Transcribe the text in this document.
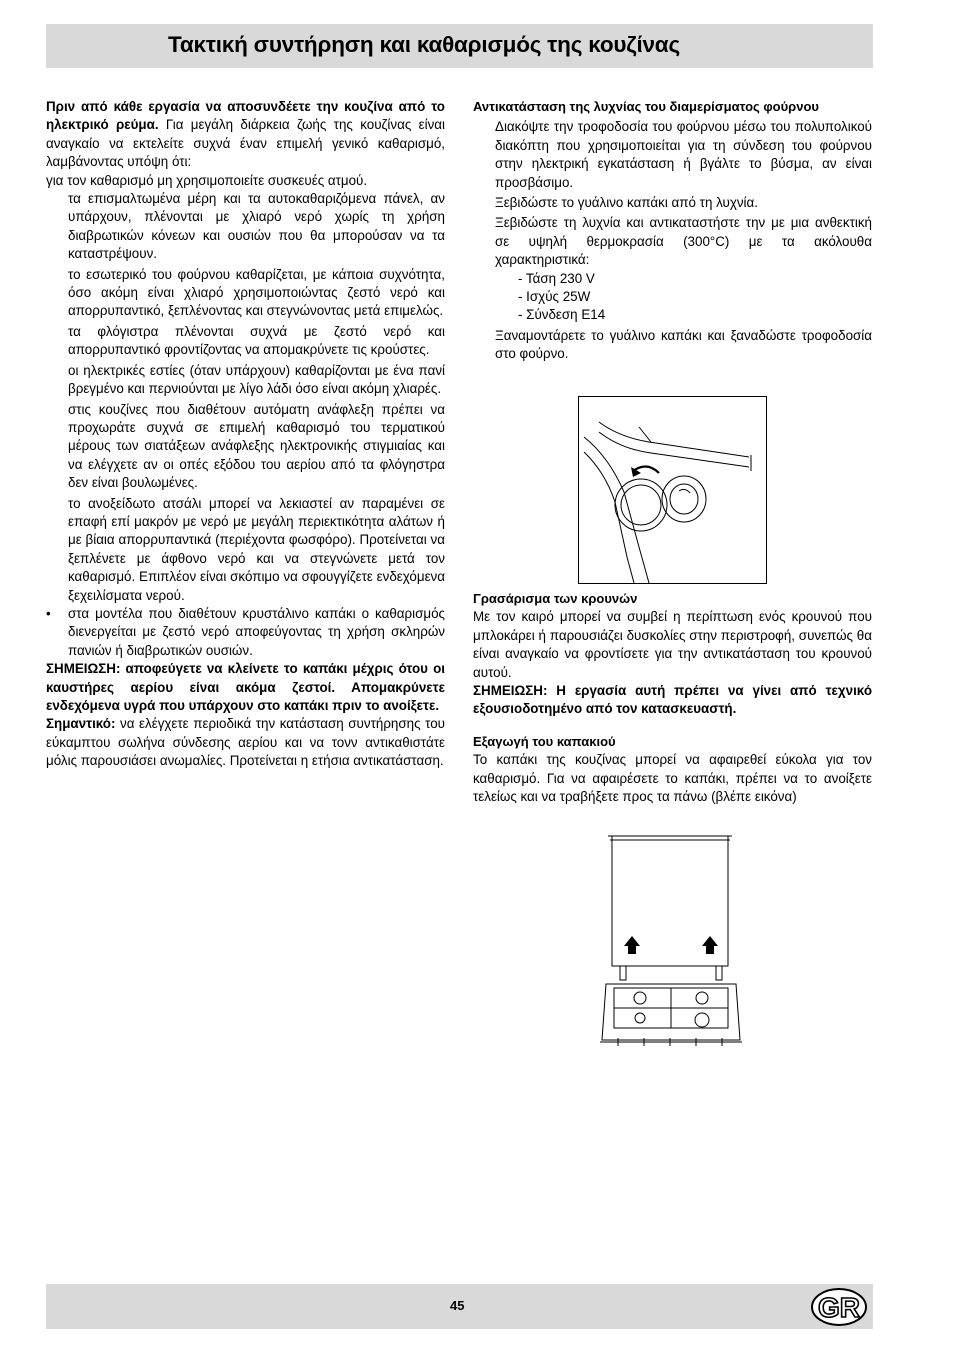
Τακτική συντήρηση και καθαρισμός της κουζίνας

Πριν από κάθε εργασία να αποσυνδέετε την κουζίνα από το ηλεκτρικό ρεύμα. Για μεγάλη διάρκεια ζωής της κουζίνας είναι αναγκαίο να εκτελείτε συχνά έναν επιμελή γενικό καθαρισμό, λαμβάνοντας υπόψη ότι:

για τον καθαρισμό μη χρησιμοποιείτε συσκευές ατμού.

τα επισμαλτωμένα μέρη και τα αυτοκαθαριζόμενα πάνελ, αν υπάρχουν, πλένονται με χλιαρό νερό χωρίς τη χρήση διαβρωτικών κόνεων και ουσιών που θα μπορούσαν να τα καταστρέψουν.

το εσωτερικό του φούρνου καθαρίζεται, με κάποια συχνότητα, όσο ακόμη είναι χλιαρό χρησιμοποιώντας ζεστό νερό και απορρυπαντικό, ξεπλένοντας και στεγνώνοντας μετά επιμελώς.

τα φλόγιστρα πλένονται συχνά με ζεστό νερό και απορρυπαντικό φροντίζοντας να απομακρύνετε τις κρούστες.

οι ηλεκτρικές εστίες (όταν υπάρχουν) καθαρίζονται με ένα πανί βρεγμένο και περνιούνται με λίγο λάδι όσο είναι ακόμη χλιαρές.

στις κουζίνες που διαθέτουν αυτόματη ανάφλεξη πρέπει να προχωράτε συχνά σε επιμελή καθαρισμό του τερματικού μέρους των σιατάξεων ανάφλεξης ηλεκτρονικής στιγμιαίας και να ελέγχετε αν οι οπές εξόδου του αερίου από τα φλόγηστρα δεν είναι βουλωμένες.

το ανοξείδωτο ατσάλι μπορεί να λεκιαστεί αν παραμένει σε επαφή επί μακρόν με νερό με μεγάλη περιεκτικότητα αλάτων ή με βίαια απορρυπαντικά (περιέχοντα φωσφόρο). Προτείνεται να ξεπλένετε με άφθονο νερό και να στεγνώνετε μετά τον καθαρισμό. Επιπλέον είναι σκόπιμο να σφουγγίζετε ενδεχόμενα ξεχειλίσματα νερού.

•	στα μοντέλα που διαθέτουν κρυστάλινο καπάκι ο καθαρισμός διενεργείται με ζεστό νερό αποφεύγοντας τη χρήση σκληρών πανιών ή διαβρωτικών ουσιών.

ΣΗΜΕΙΩΣΗ: αποφεύγετε να κλείνετε το καπάκι μέχρις ότου οι καυστήρες αερίου είναι ακόμα ζεστοί. Απομακρύνετε ενδεχόμενα υγρά που υπάρχουν στο καπάκι πριν το ανοίξετε.

Σημαντικό: να ελέγχετε περιοδικά την κατάσταση συντήρησης του εύκαμπτου σωλήνα σύνδεσης αερίου και να τονν αντικαθιστάτε μόλις παρουσιάσει ανωμαλίες. Προτείνεται η ετήσια αντικατάσταση.

Αντικατάσταση της λυχνίας του διαμερίσματος φούρνου

Διακόψτε την τροφοδοσία του φούρνου μέσω του πολυπολικού διακόπτη που χρησιμοποιείται για τη σύνδεση του φούρνου στην ηλεκτρική εγκατάσταση ή βγάλτε το βύσμα, αν είναι προσβάσιμο.

Ξεβιδώστε το γυάλινο καπάκι από τη λυχνία.

Ξεβιδώστε τη λυχνία και αντικαταστήστε την με μια ανθεκτική σε υψηλή θερμοκρασία (300°C) με τα ακόλουθα χαρακτηριστικά:

- Τάση 230 V

- Ισχύς 25W

- Σύνδεση E14

Ξαναμοντάρετε το γυάλινο καπάκι και ξαναδώστε τροφοδοσία στο φούρνο.

Γρασάρισμα των κρουνών

Με τον καιρό μπορεί να συμβεί η περίπτωση ενός κρουνού που μπλοκάρει ή παρουσιάζει δυσκολίες στην περιστροφή, συνεπώς θα είναι αναγκαίο να φροντίσετε για την αντικατάσταση του κρουνού αυτού.

ΣΗΜΕΙΩΣΗ: Η εργασία αυτή πρέπει να γίνει από τεχνικό εξουσιοδοτημένο από τον κατασκευαστή.

Εξαγωγή του καπακιού

Το καπάκι της κουζίνας μπορεί να αφαιρεθεί εύκολα για τον καθαρισμό. Για να αφαιρέσετε το καπάκι, πρέπει να το ανοίξετε τελείως και να τραβήξετε προς τα πάνω (βλέπε εικόνα)

45	GR
